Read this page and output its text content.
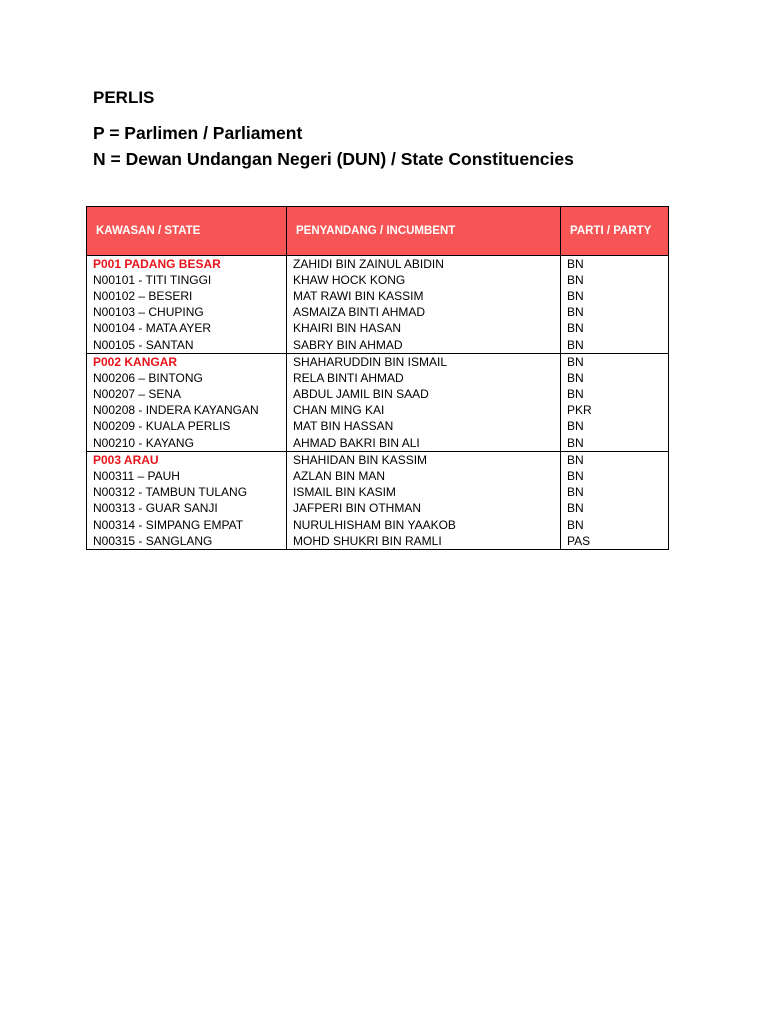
PERLIS
P = Parlimen / Parliament
N = Dewan Undangan Negeri (DUN) / State Constituencies
KAWASAN / STATE	PENYANDANG / INCUMBENT	PARTI / PARTY
P001 PADANG BESAR	ZAHIDI BIN ZAINUL ABIDIN	BN
N00101 - TITI TINGGI	KHAW HOCK KONG	BN
N00102 – BESERI	MAT RAWI BIN KASSIM	BN
N00103 – CHUPING	ASMAIZA BINTI AHMAD	BN
N00104 - MATA AYER	KHAIRI BIN HASAN	BN
N00105 - SANTAN	SABRY BIN AHMAD	BN
P002 KANGAR	SHAHARUDDIN BIN ISMAIL	BN
N00206 – BINTONG	RELA BINTI AHMAD	BN
N00207 – SENA	ABDUL JAMIL BIN SAAD	BN
N00208 - INDERA KAYANGAN	CHAN MING KAI	PKR
N00209 - KUALA PERLIS	MAT BIN HASSAN	BN
N00210 - KAYANG	AHMAD BAKRI BIN ALI	BN
P003 ARAU	SHAHIDAN BIN KASSIM	BN
N00311 – PAUH	AZLAN BIN MAN	BN
N00312 - TAMBUN TULANG	ISMAIL BIN KASIM	BN
N00313 - GUAR SANJI	JAFPERI BIN OTHMAN	BN
N00314 - SIMPANG EMPAT	NURULHISHAM BIN YAAKOB	BN
N00315 - SANGLANG	MOHD SHUKRI BIN RAMLI	PAS
